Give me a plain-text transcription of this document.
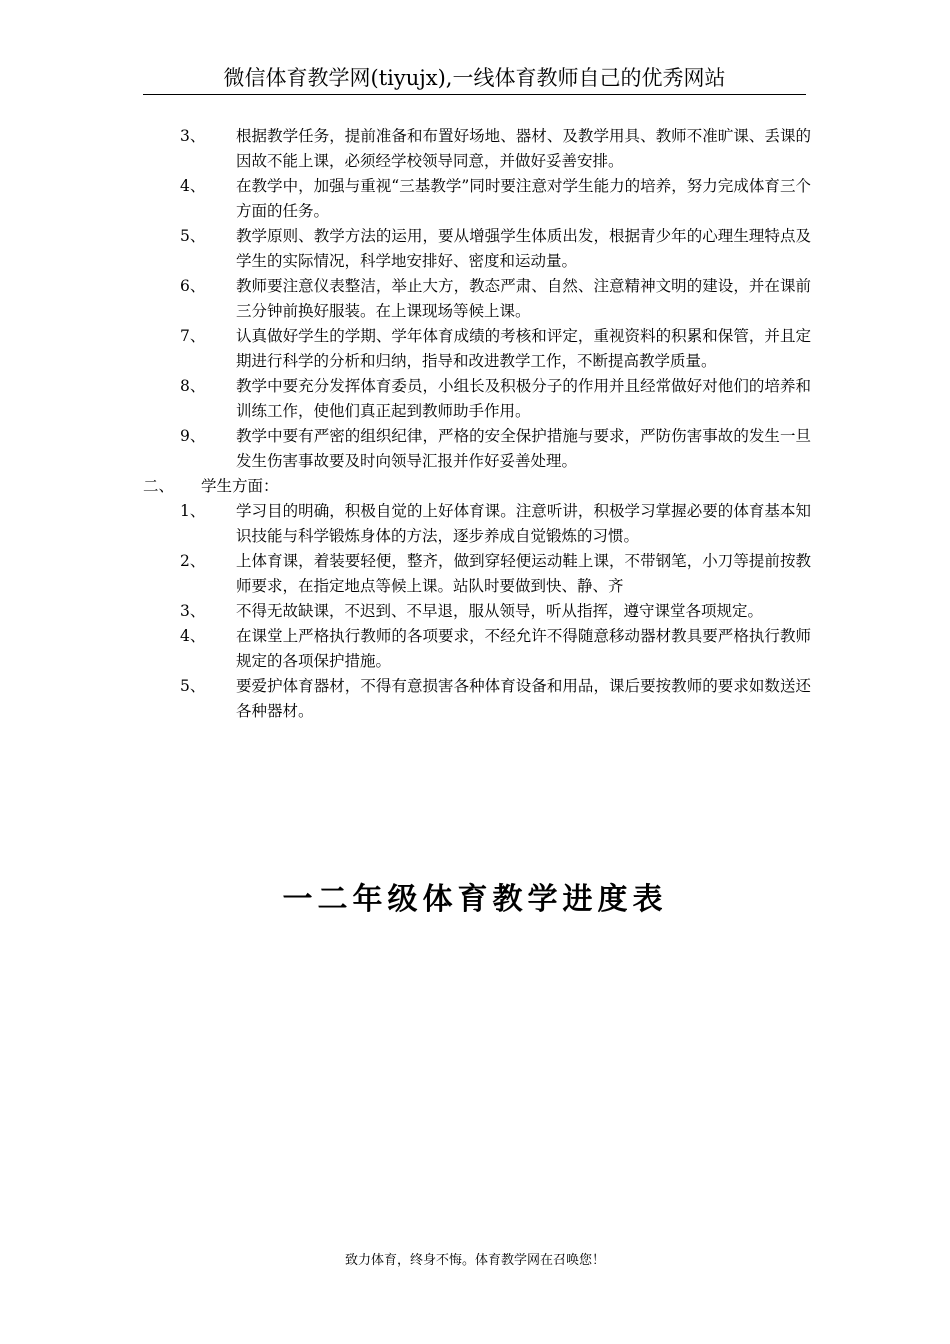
微信体育教学网(tiyujx),一线体育教师自己的优秀网站
3、	根据教学任务，提前准备和布置好场地、器材、及教学用具、教师不准旷课、丢课的因故不能上课，必须经学校领导同意，并做好妥善安排。
4、	在教学中，加强与重视“三基教学”同时要注意对学生能力的培养，努力完成体育三个方面的任务。
5、	教学原则、教学方法的运用，要从增强学生体质出发，根据青少年的心理生理特点及学生的实际情况，科学地安排好、密度和运动量。
6、	教师要注意仪表整洁，举止大方，教态严肃、自然、注意精神文明的建设，并在课前三分钟前换好服装。在上课现场等候上课。
7、	认真做好学生的学期、学年体育成绩的考核和评定，重视资料的积累和保管，并且定期进行科学的分析和归纳，指导和改进教学工作，不断提高教学质量。
8、	教学中要充分发挥体育委员，小组长及积极分子的作用并且经常做好对他们的培养和训练工作，使他们真正起到教师助手作用。
9、	教学中要有严密的组织纪律，严格的安全保护措施与要求，严防伤害事故的发生一旦发生伤害事故要及时向领导汇报并作好妥善处理。
二、 学生方面：
1、	学习目的明确，积极自觉的上好体育课。注意听讲，积极学习掌握必要的体育基本知识技能与科学锻炼身体的方法，逐步养成自觉锻炼的习惯。
2、	上体育课，着装要轻便，整齐，做到穿轻便运动鞋上课，不带钢笔，小刀等提前按教师要求，在指定地点等候上课。站队时要做到快、静、齐
3、	不得无故缺课，不迟到、不早退，服从领导，听从指挥，遵守课堂各项规定。
4、	在课堂上严格执行教师的各项要求，不经允许不得随意移动器材教具要严格执行教师规定的各项保护措施。
5、	要爱护体育器材，不得有意损害各种体育设备和用品，课后要按教师的要求如数送还各种器材。
一二年级体育教学进度表
致力体育，终身不悔。体育教学网在召唤您！
